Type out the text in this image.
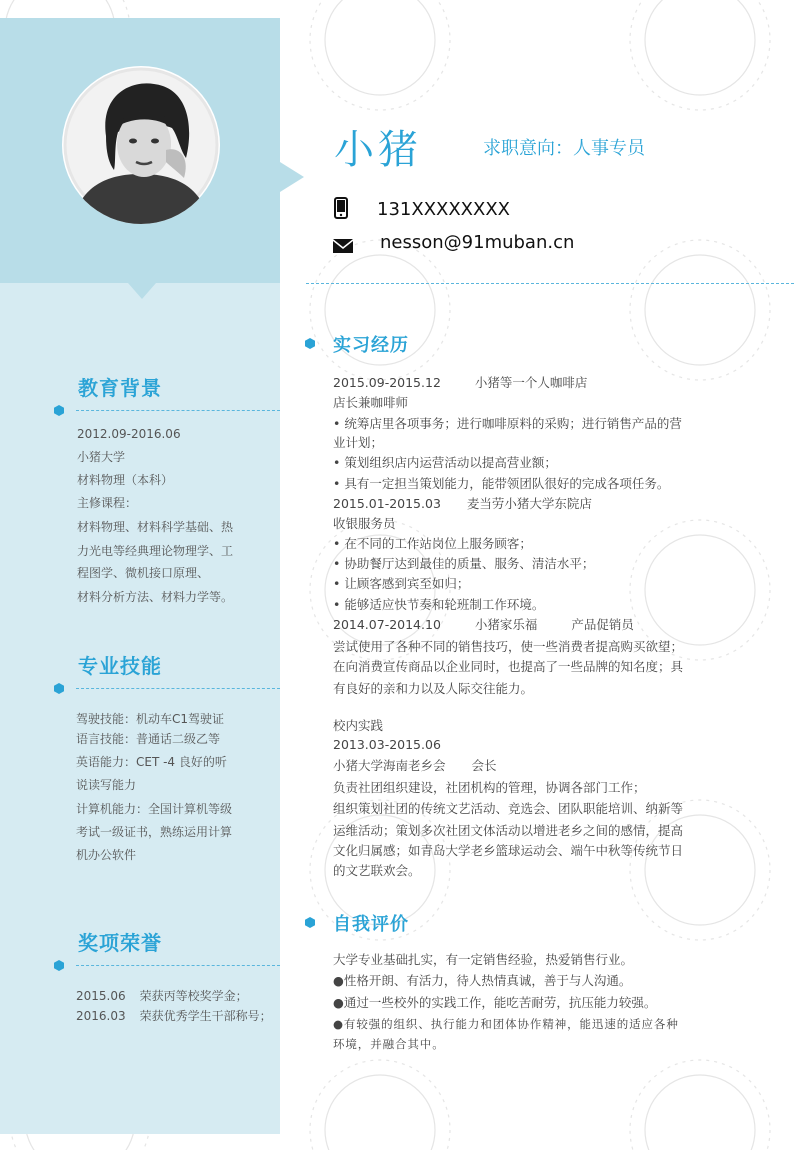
教育背景
2012.09-2016.06
小猪大学
材料物理（本科）
主修课程：
材料物理、材料科学基础、热
力光电等经典理论物理学、工
程图学、微机接口原理、
材料分析方法、材料力学等。
专业技能
驾驶技能：机动车C1驾驶证
语言技能：普通话二级乙等
英语能力：CET -4 良好的听
说读写能力
计算机能力：全国计算机等级
考试一级证书，熟练运用计算
机办公软件
奖项荣誉
2015.06 荣获丙等校奖学金；
2016.03 荣获优秀学生干部称号；
小猪	求职意向：人事专员
131XXXXXXXX
nesson@91muban.cn
实习经历
2015.09-2015.12	小猪等一个人咖啡店
店长兼咖啡师
• 统筹店里各项事务；进行咖啡原料的采购；进行销售产品的营
业计划；
• 策划组织店内运营活动以提高营业额；
• 具有一定担当策划能力，能带领团队很好的完成各项任务。
2015.01-2015.03 麦当劳小猪大学东院店
收银服务员
• 在不同的工作站岗位上服务顾客；
• 协助餐厅达到最佳的质量、服务、清洁水平；
• 让顾客感到宾至如归；
• 能够适应快节奏和轮班制工作环境。
2014.07-2014.10	小猪家乐福	产品促销员
尝试使用了各种不同的销售技巧，使一些消费者提高购买欲望；
在向消费宣传商品以企业同时，也提高了一些品牌的知名度；具
有良好的亲和力以及人际交往能力。
校内实践
2013.03-2015.06
小猪大学海南老乡会 会长
负责社团组织建设，社团机构的管理，协调各部门工作；
组织策划社团的传统文艺活动、竞选会、团队职能培训、纳新等
运维活动；策划多次社团文体活动以增进老乡之间的感情，提高
文化归属感；如青岛大学老乡篮球运动会、端午中秋等传统节日
的文艺联欢会。
自我评价
大学专业基础扎实，有一定销售经验，热爱销售行业。
●性格开朗、有活力，待人热情真诚，善于与人沟通。
●通过一些校外的实践工作，能吃苦耐劳，抗压能力较强。
●有较强的组织、执行能力和团体协作精神，能迅速的适应各种
环境，并融合其中。
